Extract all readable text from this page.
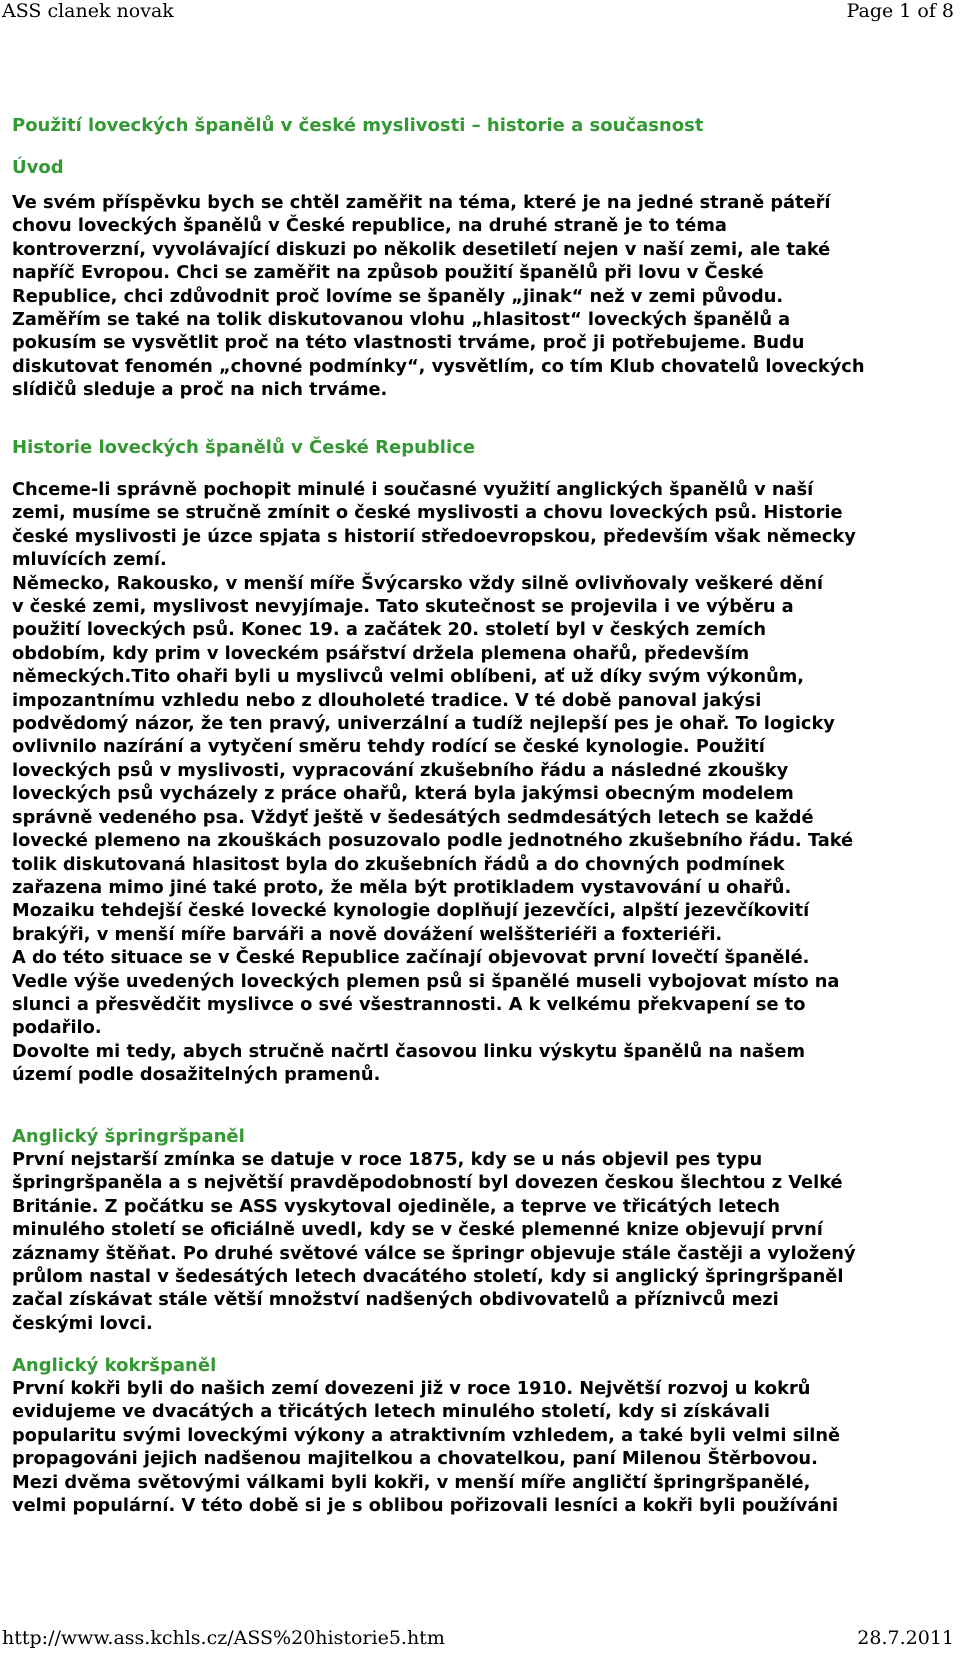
ASS clanek novak	Page 1 of 8
Použití loveckých španělů v české myslivosti – historie a současnost
Úvod
Ve svém příspěvku bych se chtěl zaměřit na téma, které je na jedné straně páteří
chovu loveckých španělů v České republice, na druhé straně je to téma
kontroverzní, vyvolávající diskuzi po několik desetiletí nejen v naší zemi, ale také
napříč Evropou. Chci se zaměřit na způsob použití španělů při lovu v České
Republice, chci zdůvodnit proč lovíme se španěly „jinak“ než v zemi původu.
Zaměřím se také na tolik diskutovanou vlohu „hlasitost“ loveckých španělů a
pokusím se vysvětlit proč na této vlastnosti trváme, proč ji potřebujeme. Budu
diskutovat fenomén „chovné podmínky“, vysvětlím, co tím Klub chovatelů loveckých
slídičů sleduje a proč na nich trváme.
Historie loveckých španělů v České Republice
Chceme-li správně pochopit minulé i současné využití anglických španělů v naší
zemi, musíme se stručně zmínit o české myslivosti a chovu loveckých psů. Historie
české myslivosti je úzce spjata s historií středoevropskou, především však německy
mluvících zemí.
Německo, Rakousko, v menší míře Švýcarsko vždy silně ovlivňovaly veškeré dění
v české zemi, myslivost nevyjímaje. Tato skutečnost se projevila i ve výběru a
použití loveckých psů. Konec 19. a začátek 20. století byl v českých zemích
obdobím, kdy prim v loveckém psářství držela plemena ohařů, především
německých.Tito ohaři byli u myslivců velmi oblíbeni, ať už díky svým výkonům,
impozantnímu vzhledu nebo z dlouholeté tradice. V té době panoval jakýsi
podvědomý názor, že ten pravý, univerzální a tudíž nejlepší pes je ohař. To logicky
ovlivnilo nazírání a vytyčení směru tehdy rodící se české kynologie. Použití
loveckých psů v myslivosti, vypracování zkušebního řádu a následné zkoušky
loveckých psů vycházely z práce ohařů, která byla jakýmsi obecným modelem
správně vedeného psa. Vždyť ještě v šedesátých sedmdesátých letech se každé
lovecké plemeno na zkouškách posuzovalo podle jednotného zkušebního řádu. Také
tolik diskutovaná hlasitost byla do zkušebních řádů a do chovných podmínek
zařazena mimo jiné také proto, že měla být protikladem vystavování u ohařů.
Mozaiku tehdejší české lovecké kynologie doplňují jezevčíci, alpští jezevčíkovití
brakýři, v menší míře barváři a nově dovážení welššteriéři a foxteriéři.
A do této situace se v České Republice začínají objevovat první lovečtí španělé.
Vedle výše uvedených loveckých plemen psů si španělé museli vybojovat místo na
slunci a přesvědčit myslivce o své všestrannosti. A k velkému překvapení se to
podařilo.
Dovolte mi tedy, abych stručně načrtl časovou linku výskytu španělů na našem
území podle dosažitelných pramenů.
Anglický špringršpaněl
První nejstarší zmínka se datuje v roce 1875, kdy se u nás objevil pes typu
špringršpaněla a s největší pravděpodobností byl dovezen českou šlechtou z Velké
Británie. Z počátku se ASS vyskytoval ojediněle, a teprve ve třicátých letech
minulého století se oficiálně uvedl, kdy se v české plemenné knize objevují první
záznamy štěňat. Po druhé světové válce se špringr objevuje stále častěji a vyložený
průlom nastal v šedesátých letech dvacátého století, kdy si anglický špringršpaněl
začal získávat stále větší množství nadšených obdivovatelů a příznivců mezi
českými lovci.
Anglický kokršpaněl
První kokři byli do našich zemí dovezeni již v roce 1910. Největší rozvoj u kokrů
evidujeme ve dvacátých a třicátých letech minulého století, kdy si získávali
popularitu svými loveckými výkony a atraktivním vzhledem, a také byli velmi silně
propagováni jejich nadšenou majitelkou a chovatelkou, paní Milenou Štěrbovou.
Mezi dvěma světovými válkami byli kokři, v menší míře angličtí špringršpanělé,
velmi populární. V této době si je s oblibou pořizovali lesníci a kokři byli používáni
http://www.ass.kchls.cz/ASS%20historie5.htm	28.7.2011
